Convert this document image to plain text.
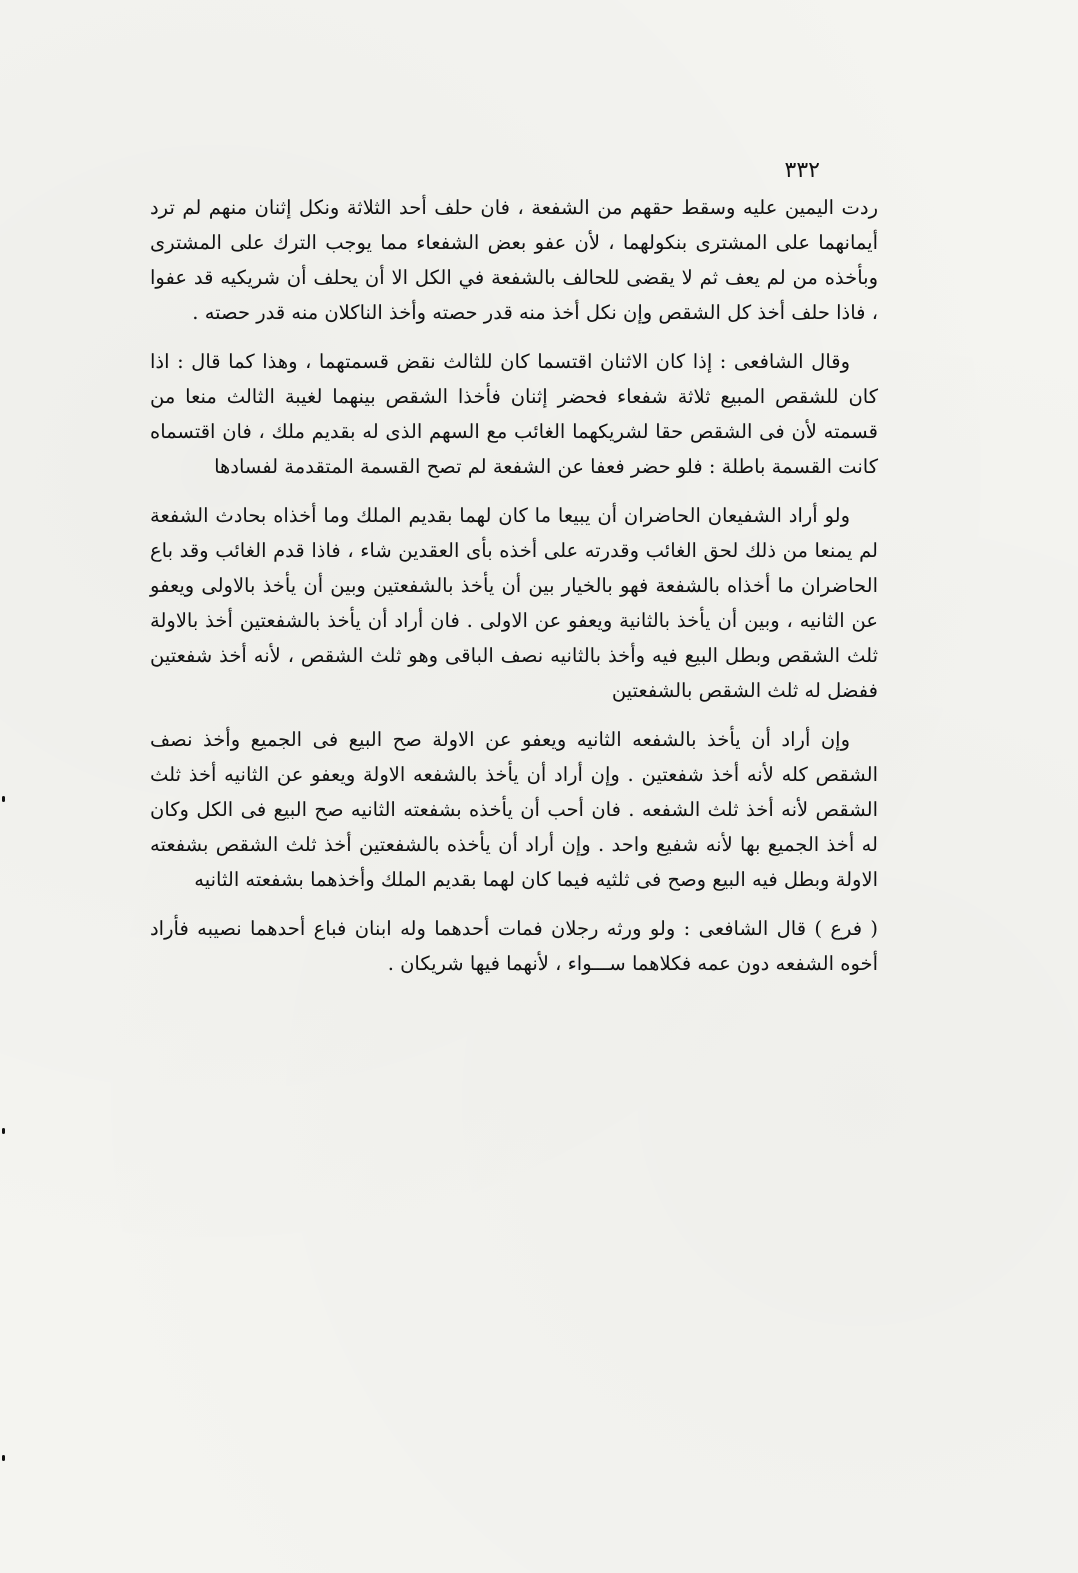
٣٣٢

ردت اليمين عليه وسقط حقهم من الشفعة ، فان حلف أحد الثلاثة ونكل إثنان منهم لم ترد أيمانهما على المشترى بنكولهما ، لأن عفو بعض الشفعاء مما يوجب الترك على المشترى وبأخذه من لم يعف ثم لا يقضى للحالف بالشفعة في الكل الا أن يحلف أن شريكيه قد عفوا ، فاذا حلف أخذ كل الشقص وإن نكل أخذ منه قدر حصته وأخذ الناكلان منه قدر حصته .

وقال الشافعى : إذا كان الاثنان اقتسما كان للثالث نقض قسمتهما ، وهذا كما قال : اذا كان للشقص المبيع ثلاثة شفعاء فحضر إثنان فأخذا الشقص بينهما لغيبة الثالث منعا من قسمته لأن فى الشقص حقا لشريكهما الغائب مع السهم الذى له بقديم ملك ، فان اقتسماه كانت القسمة باطلة : فلو حضر فعفا عن الشفعة لم تصح القسمة المتقدمة لفسادها

ولو أراد الشفيعان الحاضران أن يبيعا ما كان لهما بقديم الملك وما أخذاه بحادث الشفعة لم يمنعا من ذلك لحق الغائب وقدرته على أخذه بأى العقدين شاء ، فاذا قدم الغائب وقد باع الحاضران ما أخذاه بالشفعة فهو بالخيار بين أن يأخذ بالشفعتين وبين أن يأخذ بالاولى ويعفو عن الثانيه ، وبين أن يأخذ بالثانية ويعفو عن الاولى . فان أراد أن يأخذ بالشفعتين أخذ بالاولة ثلث الشقص وبطل البيع فيه وأخذ بالثانيه نصف الباقى وهو ثلث الشقص ، لأنه أخذ شفعتين ففضل له ثلث الشقص بالشفعتين

وإن أراد أن يأخذ بالشفعه الثانيه ويعفو عن الاولة صح البيع فى الجميع وأخذ نصف الشقص كله لأنه أخذ شفعتين . وإن أراد أن يأخذ بالشفعه الاولة ويعفو عن الثانيه أخذ ثلث الشقص لأنه أخذ ثلث الشفعه . فان أحب أن يأخذه بشفعته الثانيه صح البيع فى الكل وكان له أخذ الجميع بها لأنه شفيع واحد . وإن أراد أن يأخذه بالشفعتين أخذ ثلث الشقص بشفعته الاولة وبطل فيه البيع وصح فى ثلثيه فيما كان لهما بقديم الملك وأخذهما بشفعته الثانيه

( فرع ) قال الشافعى : ولو ورثه رجلان فمات أحدهما وله ابنان فباع أحدهما نصيبه فأراد أخوه الشفعه دون عمه فكلاهما ســـواء ، لأنهما فيها شريكان .
